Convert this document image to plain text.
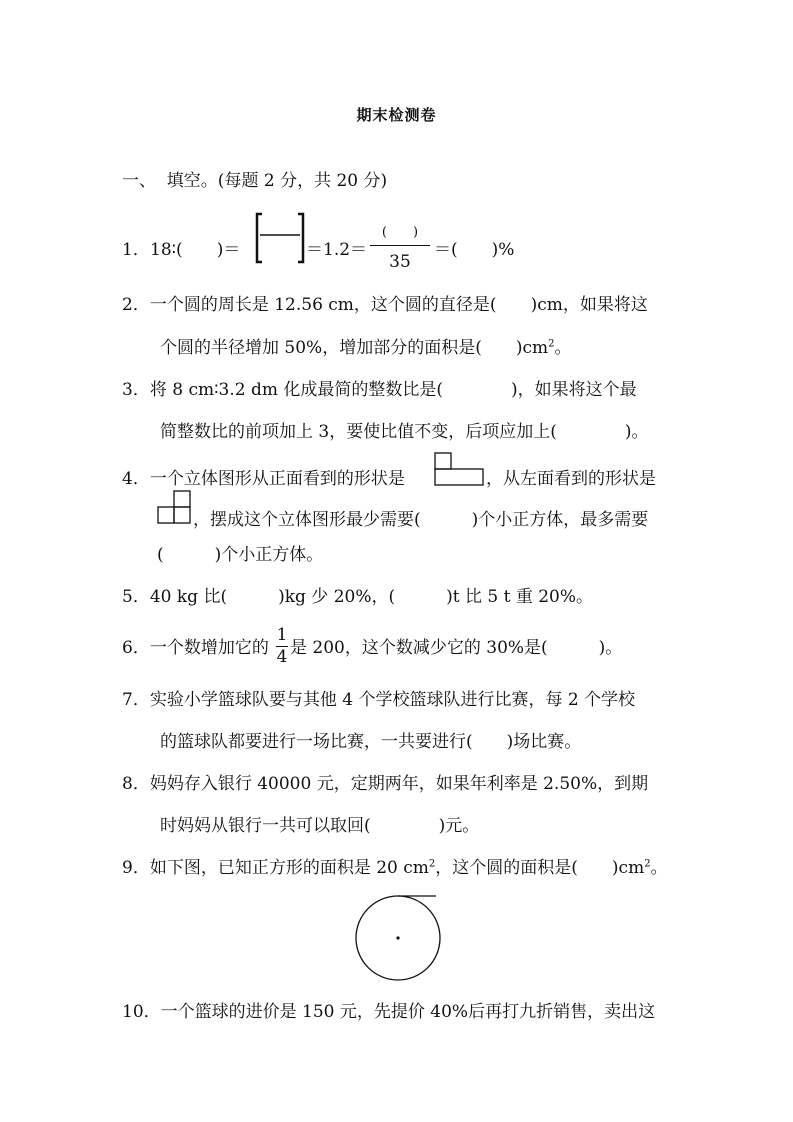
期末检测卷
一、  填空。(每题 2 分，共 20 分)
1． 18∶(　　)＝	＝1.2＝
(　　)
35
＝(　　)%
2．一个圆的周长是 12.56 cm，这个圆的直径是(　　)cm，如果将这
个圆的半径增加 50%，增加部分的面积是(　　)$cm^2$。
3．将 8 cm∶3.2 dm 化成最简的整数比是(　　　　)，如果将这个最
简整数比的前项加上 3，要使比值不变，后项应加上(　　　　)。
4．一个立体图形从正面看到的形状是	，从左面看到的形状是
，摆成这个立体图形最少需要(　　　)个小正方体，最多需要
(　　　)个小正方体。
5．40 kg 比(　　　)kg 少 20%，(　　　)t 比 5 t 重 20%。
6．一个数增加它的
1
4 是 200，这个数减少它的 30%是(　　　)。
7．实验小学篮球队要与其他 4 个学校篮球队进行比赛，每 2 个学校
的篮球队都要进行一场比赛，一共要进行(　　)场比赛。
8．妈妈存入银行 40000 元，定期两年，如果年利率是 2.50%，到期
时妈妈从银行一共可以取回(　　　　)元。
9．如下图，已知正方形的面积是 20 $cm^2$，这个圆的面积是(　　)$cm^2$。
10．一个篮球的进价是 150 元，先提价 40%后再打九折销售，卖出这
